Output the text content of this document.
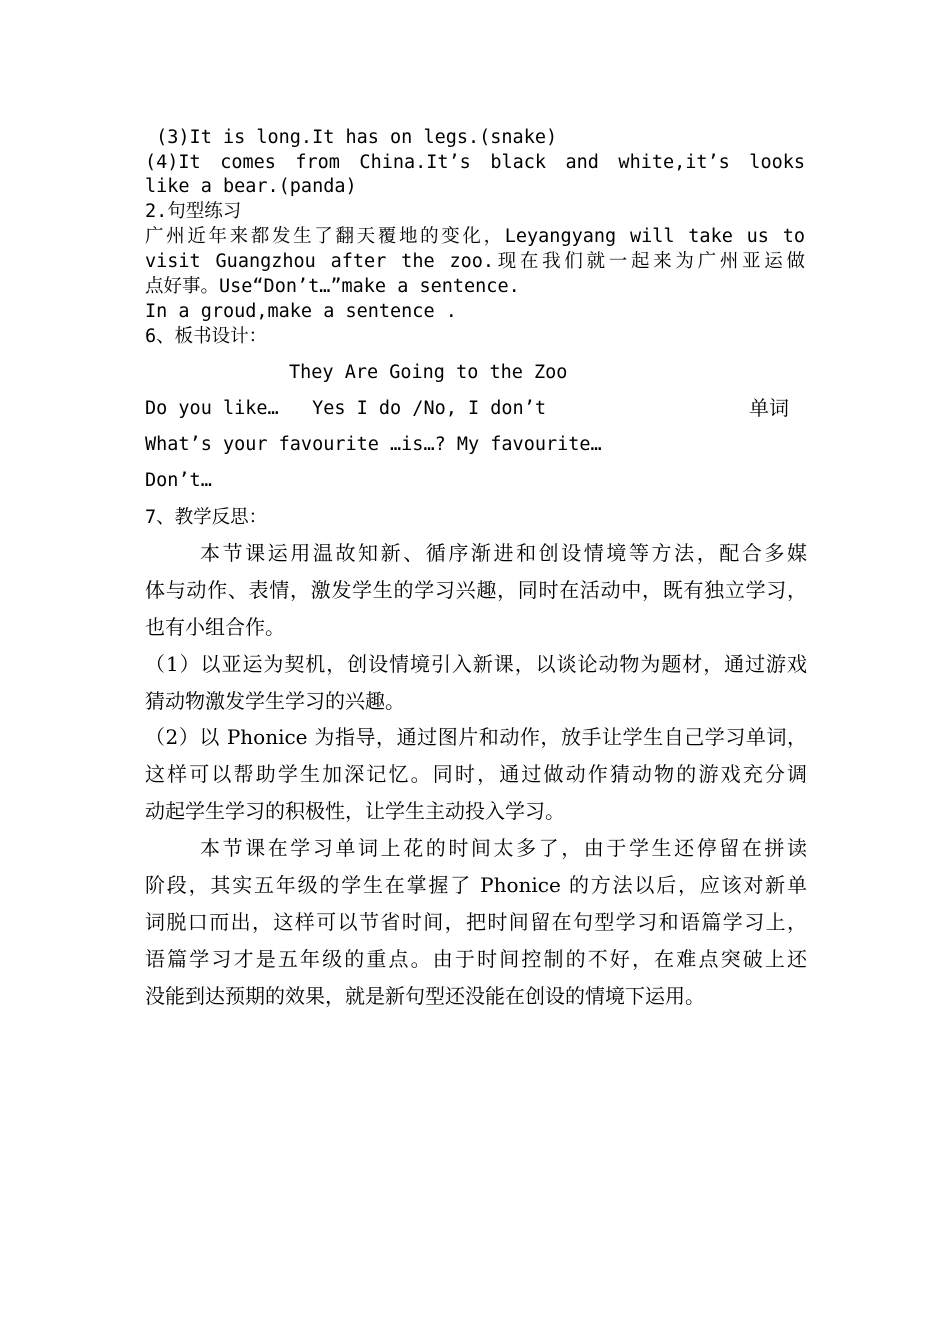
(3)It is long.It has on legs.(snake)

(4)It comes from China.It’s black and white,it’s looks

like a bear.(panda)

2.句型练习

广州近年来都发生了翻天覆地的变化，Leyangyang will take us to

visit Guangzhou after the zoo.现在我们就一起来为广州亚运做

点好事。Use“Don’t…”make a sentence.

In a groud,make a sentence .

6、板书设计：

They Are Going to the Zoo

Do you like…   Yes I do /No, I don’t	单词

What’s your favourite …is…? My favourite…

Don’t…

7、教学反思：

本节课运用温故知新、循序渐进和创设情境等方法，配合多媒

体与动作、表情，激发学生的学习兴趣，同时在活动中，既有独立学习，

也有小组合作。

（1）以亚运为契机，创设情境引入新课，以谈论动物为题材，通过游戏

猜动物激发学生学习的兴趣。

（2）以 Phonice 为指导，通过图片和动作，放手让学生自己学习单词，

这样可以帮助学生加深记忆。同时，通过做动作猜动物的游戏充分调

动起学生学习的积极性，让学生主动投入学习。

本节课在学习单词上花的时间太多了，由于学生还停留在拼读

阶段，其实五年级的学生在掌握了 Phonice 的方法以后，应该对新单

词脱口而出，这样可以节省时间，把时间留在句型学习和语篇学习上，

语篇学习才是五年级的重点。由于时间控制的不好，在难点突破上还

没能到达预期的效果，就是新句型还没能在创设的情境下运用。
